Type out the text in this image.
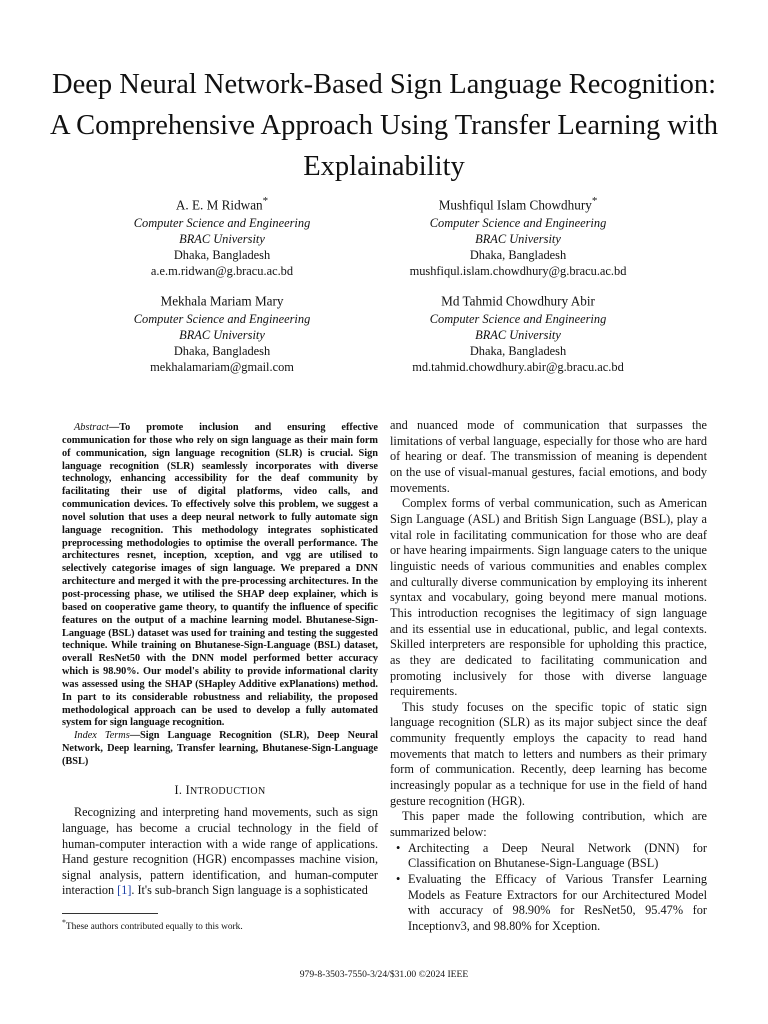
Deep Neural Network-Based Sign Language Recognition: A Comprehensive Approach Using Transfer Learning with Explainability
A. E. M Ridwan*
Computer Science and Engineering
BRAC University
Dhaka, Bangladesh
a.e.m.ridwan@g.bracu.ac.bd
Mushfiqul Islam Chowdhury*
Computer Science and Engineering
BRAC University
Dhaka, Bangladesh
mushfiqul.islam.chowdhury@g.bracu.ac.bd
Mekhala Mariam Mary
Computer Science and Engineering
BRAC University
Dhaka, Bangladesh
mekhalamariam@gmail.com
Md Tahmid Chowdhury Abir
Computer Science and Engineering
BRAC University
Dhaka, Bangladesh
md.tahmid.chowdhury.abir@g.bracu.ac.bd

Abstract—To promote inclusion and ensuring effective communication for those who rely on sign language as their main form of communication, sign language recognition (SLR) is crucial. Sign language recognition (SLR) seamlessly incorporates with diverse technology, enhancing accessibility for the deaf community by facilitating their use of digital platforms, video calls, and communication devices. To effectively solve this problem, we suggest a novel solution that uses a deep neural network to fully automate sign language recognition. This methodology integrates sophisticated preprocessing methodologies to optimise the overall performance. The architectures resnet, inception, xception, and vgg are utilised to selectively categorise images of sign language. We prepared a DNN architecture and merged it with the pre-processing architectures. In the post-processing phase, we utilised the SHAP deep explainer, which is based on cooperative game theory, to quantify the influence of specific features on the output of a machine learning model. Bhutanese-Sign-Language (BSL) dataset was used for training and testing the suggested technique. While training on Bhutanese-Sign-Language (BSL) dataset, overall ResNet50 with the DNN model performed better accuracy which is 98.90%. Our model's ability to provide informational clarity was assessed using the SHAP (SHapley Additive exPlanations) method. In part to its considerable robustness and reliability, the proposed methodological approach can be used to develop a fully automated system for sign language recognition.

Index Terms—Sign Language Recognition (SLR), Deep Neural Network, Deep learning, Transfer learning, Bhutanese-Sign-Language (BSL)

I. INTRODUCTION

Recognizing and interpreting hand movements, such as sign language, has become a crucial technology in the field of human-computer interaction with a wide range of applications. Hand gesture recognition (HGR) encompasses machine vision, signal analysis, pattern identification, and human-computer interaction [1]. It's sub-branch Sign language is a sophisticated

*These authors contributed equally to this work.

and nuanced mode of communication that surpasses the limitations of verbal language, especially for those who are hard of hearing or deaf. The transmission of meaning is dependent on the use of visual-manual gestures, facial emotions, and body movements.

Complex forms of verbal communication, such as American Sign Language (ASL) and British Sign Language (BSL), play a vital role in facilitating communication for those who are deaf or have hearing impairments. Sign language caters to the unique linguistic needs of various communities and enables complex and culturally diverse communication by employing its inherent syntax and vocabulary, going beyond mere manual motions. This introduction recognises the legitimacy of sign language and its essential use in educational, public, and legal contexts. Skilled interpreters are responsible for upholding this practice, as they are dedicated to facilitating communication and promoting inclusively for those with diverse language requirements.

This study focuses on the specific topic of static sign language recognition (SLR) as its major subject since the deaf community frequently employs the capacity to read hand movements that match to letters and numbers as their primary form of communication. Recently, deep learning has become increasingly popular as a technique for use in the field of hand gesture recognition (HGR).

This paper made the following contribution, which are summarized below:

• Architecting a Deep Neural Network (DNN) for Classification on Bhutanese-Sign-Language (BSL)
• Evaluating the Efficacy of Various Transfer Learning Models as Feature Extractors for our Architectured Model with accuracy of 98.90% for ResNet50, 95.47% for Inceptionv3, and 98.80% for Xception.
979-8-3503-7550-3/24/$31.00 ©2024 IEEE
